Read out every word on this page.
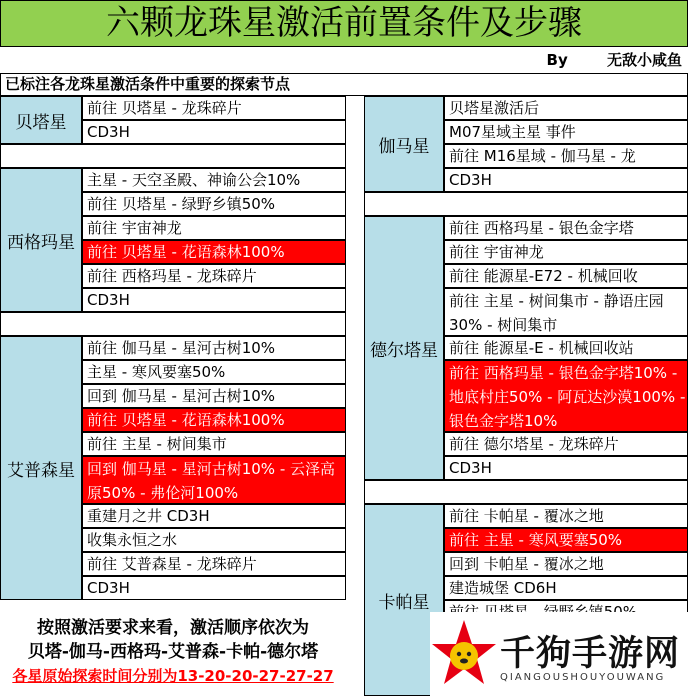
六颗龙珠星激活前置条件及步骤
By	无敌小咸鱼
已标注各龙珠星激活条件中重要的探索节点
贝塔星
前往 贝塔星 - 龙珠碎片
CD3H
西格玛星
主星 - 天空圣殿、神谕公会10%
前往 贝塔星 - 绿野乡镇50%
前往 宇宙神龙
前往 贝塔星 - 花语森林100%
前往 西格玛星 - 龙珠碎片
CD3H
艾普森星
前往 伽马星 - 星河古树10%
主星 - 寒风要塞50%
回到 伽马星 - 星河古树10%
前往 贝塔星 - 花语森林100%
前往 主星 - 树间集市
回到 伽马星 - 星河古树10% - 云泽高原50% - 弗伦河100%
重建月之井 CD3H
收集永恒之水
前往 艾普森星 - 龙珠碎片
CD3H
按照激活要求来看，激活顺序依次为
贝塔-伽马-西格玛-艾普森-卡帕-德尔塔
各星原始探索时间分别为13-20-20-27-27-27
伽马星
贝塔星激活后
M07星域主星 事件
前往 M16星域 - 伽马星 - 龙
CD3H
德尔塔星
前往 西格玛星 - 银色金字塔
前往 宇宙神龙
前往 能源星-E72 - 机械回收
前往 主星 - 树间集市 - 静语庄园30% - 树间集市
前往 能源星-E - 机械回收站
前往 西格玛星 - 银色金字塔10% - 地底村庄50% - 阿瓦达沙漠100% - 银色金字塔10%
前往 德尔塔星 - 龙珠碎片
CD3H
卡帕星
前往 卡帕星 - 覆冰之地
前往 主星 - 寒风要塞50%
回到 卡帕星 - 覆冰之地
建造城堡 CD6H
千狗手游网
QIANGOUSHOUYOUWANG
